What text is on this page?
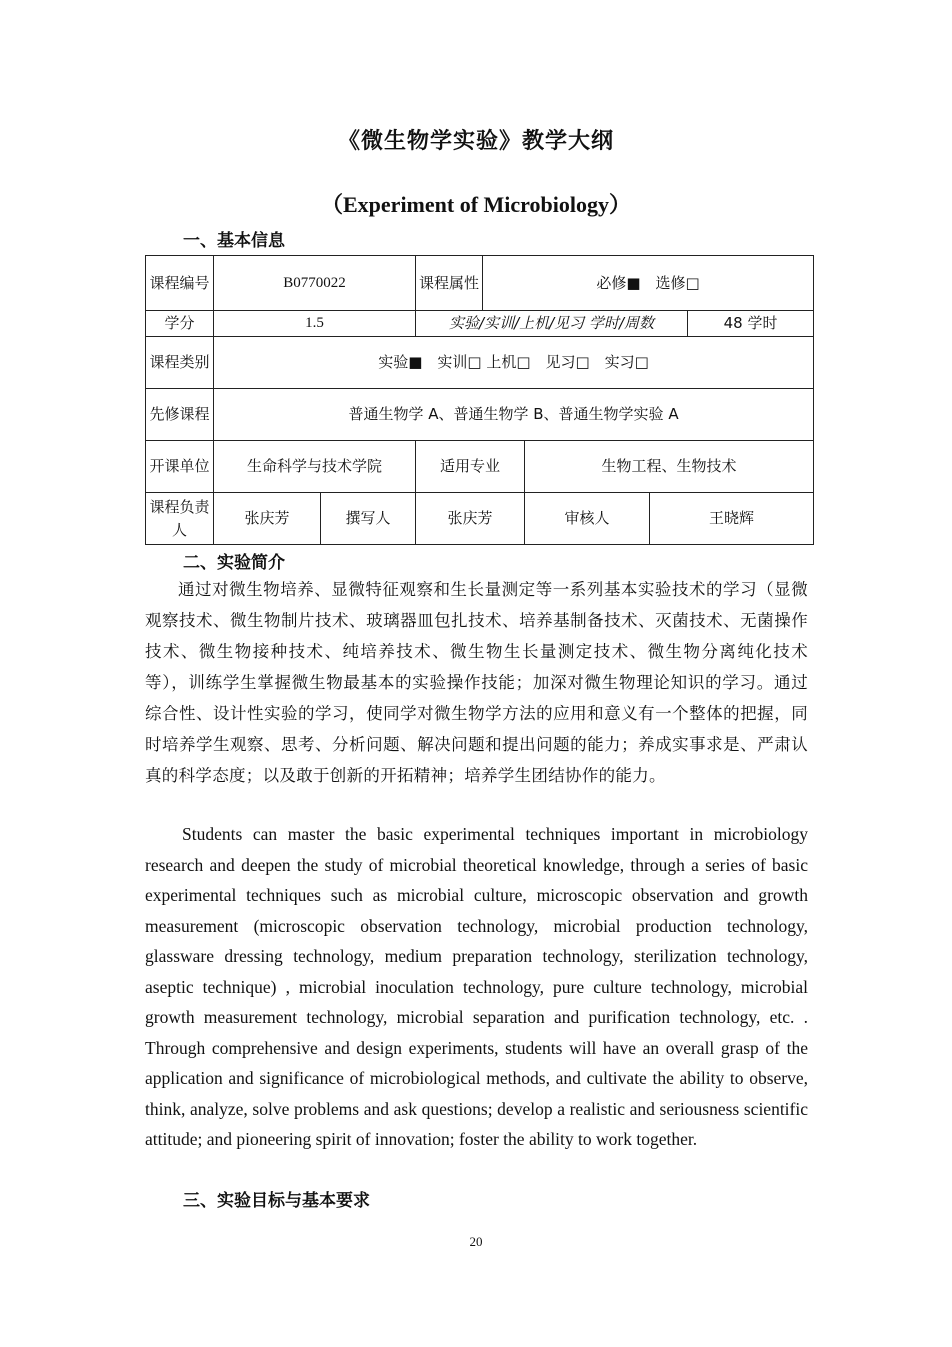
《微生物学实验》教学大纲
（Experiment of Microbiology）
一、基本信息
课程编号	B0770022		课程属性	必修■　选修□			
学分	1.5		实验/实训/上机/见习 学时/周数				48 学时
课程类别	实验■　实训□ 上机□　见习□　实习□						
先修课程	普通生物学 A、普通生物学 B、普通生物学实验 A						
开课单位	生命科学与技术学院		适用专业		生物工程、生物技术		
课程负责人	张庆芳	撰写人	张庆芳		审核人	王晓辉	
二、实验简介
通过对微生物培养、显微特征观察和生长量测定等一系列基本实验技术的学习（显微观察技术、微生物制片技术、玻璃器皿包扎技术、培养基制备技术、灭菌技术、无菌操作技术、微生物接种技术、纯培养技术、微生物生长量测定技术、微生物分离纯化技术等），训练学生掌握微生物最基本的实验操作技能；加深对微生物理论知识的学习。通过综合性、设计性实验的学习，使同学对微生物学方法的应用和意义有一个整体的把握，同时培养学生观察、思考、分析问题、解决问题和提出问题的能力；养成实事求是、严肃认真的科学态度；以及敢于创新的开拓精神；培养学生团结协作的能力。
Students can master the basic experimental techniques important in microbiology research and deepen the study of microbial theoretical knowledge, through a series of basic experimental techniques such as microbial culture, microscopic observation and growth measurement (microscopic observation technology, microbial production technology, glassware dressing technology, medium preparation technology, sterilization technology, aseptic technique) , microbial inoculation technology, pure culture technology, microbial growth measurement technology, microbial separation and purification technology, etc. . Through comprehensive and design experiments, students will have an overall grasp of the application and significance of microbiological methods, and cultivate the ability to observe, think, analyze, solve problems and ask questions; develop a realistic and seriousness scientific attitude; and pioneering spirit of innovation; foster the ability to work together.
三、实验目标与基本要求
20
